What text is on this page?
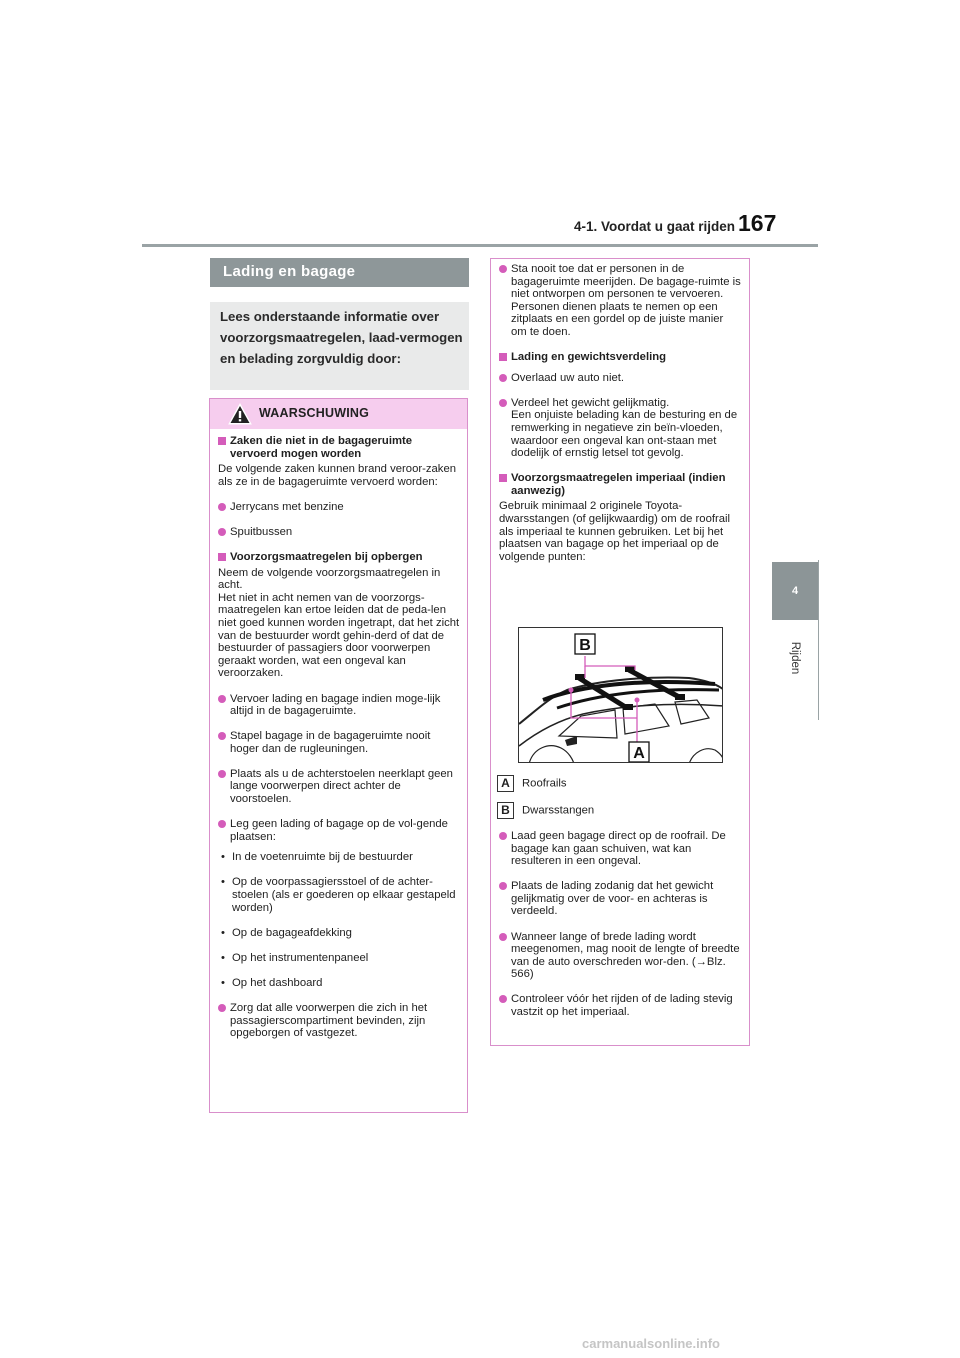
4-1. Voordat u gaat rijden 167
4
Rijden
Lading en bagage
Lees onderstaande informatie over voorzorgsmaatregelen, laad-vermogen en belading zorgvuldig door:
WAARSCHUWING

Zaken die niet in de bagageruimte vervoerd mogen worden

De volgende zaken kunnen brand veroor-zaken als ze in de bagageruimte vervoerd worden:

Jerrycans met benzine

Spuitbussen

Voorzorgsmaatregelen bij opbergen

Neem de volgende voorzorgsmaatregelen in acht.

Het niet in acht nemen van de voorzorgs-maatregelen kan ertoe leiden dat de peda-len niet goed kunnen worden ingetrapt, dat het zicht van de bestuurder wordt gehin-derd of dat de bestuurder of passagiers door voorwerpen geraakt worden, wat een ongeval kan veroorzaken.

Vervoer lading en bagage indien moge-lijk altijd in de bagageruimte.

Stapel bagage in de bagageruimte nooit hoger dan de rugleuningen.

Plaats als u de achterstoelen neerklapt geen lange voorwerpen direct achter de voorstoelen.

Leg geen lading of bagage op de vol-gende plaatsen:

• In de voetenruimte bij de bestuurder

• Op de voorpassagiersstoel of de achter-stoelen (als er goederen op elkaar gestapeld worden)

• Op de bagageafdekking

• Op het instrumentenpaneel

• Op het dashboard

Zorg dat alle voorwerpen die zich in het passagierscompartiment bevinden, zijn opgeborgen of vastgezet.

Sta nooit toe dat er personen in de bagageruimte meerijden. De bagage-ruimte is niet ontworpen om personen te vervoeren. Personen dienen plaats te nemen op een zitplaats en een gordel op de juiste manier om te doen.

Lading en gewichtsverdeling

Overlaad uw auto niet.

Verdeel het gewicht gelijkmatig.

Een onjuiste belading kan de besturing en de remwerking in negatieve zin beïn-vloeden, waardoor een ongeval kan ont-staan met dodelijk of ernstig letsel tot gevolg.

Voorzorgsmaatregelen imperiaal (indien aanwezig)

Gebruik minimaal 2 originele Toyota-dwarsstangen (of gelijkwaardig) om de roofrail als imperiaal te kunnen gebruiken. Let bij het plaatsen van bagage op het imperiaal op de volgende punten:

B
A
A Roofrails
B Dwarsstangen

Laad geen bagage direct op de roofrail. De bagage kan gaan schuiven, wat kan resulteren in een ongeval.

Plaats de lading zodanig dat het gewicht gelijkmatig over de voor- en achteras is verdeeld.

Wanneer lange of brede lading wordt meegenomen, mag nooit de lengte of breedte van de auto overschreden wor-den. (→Blz. 566)

Controleer vóór het rijden of de lading stevig vastzit op het imperiaal.

carmanualsonline.info
